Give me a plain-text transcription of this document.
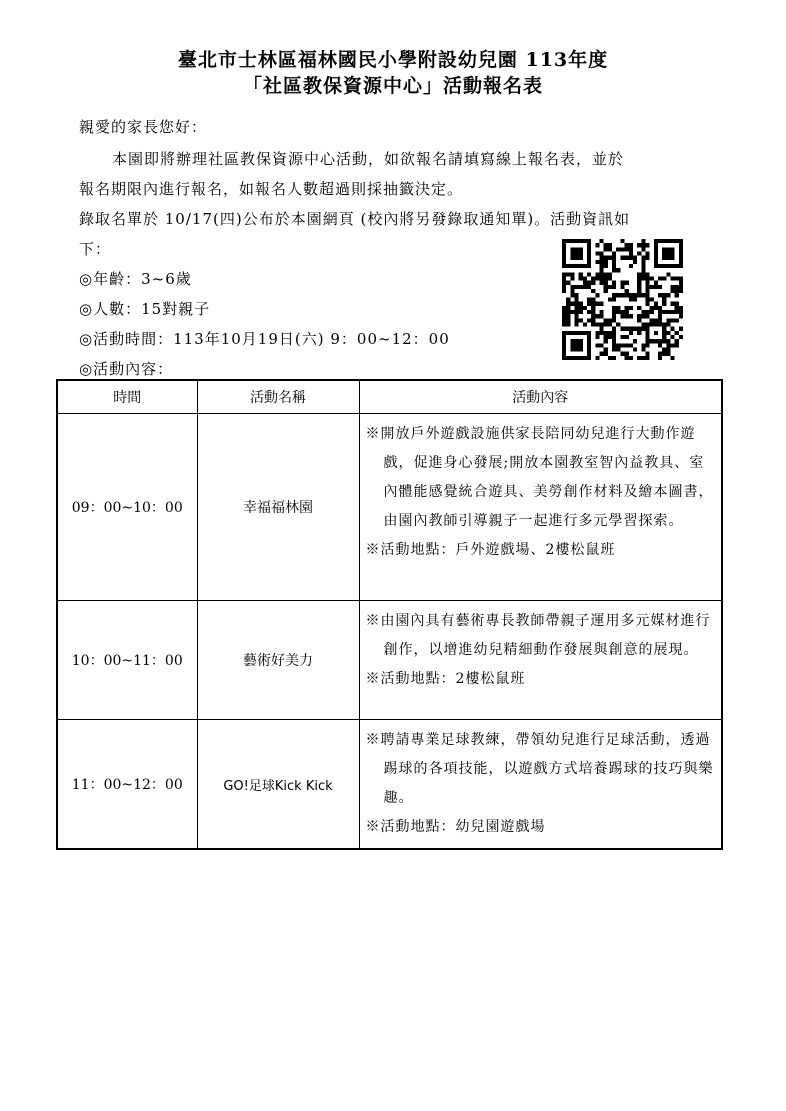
臺北市士林區福林國民小學附設幼兒園 113年度
「社區教保資源中心」活動報名表
親愛的家長您好：
本園即將辦理社區教保資源中心活動，如欲報名請填寫線上報名表，並於
報名期限內進行報名，如報名人數超過則採抽籤決定。
錄取名單於 10/17(四)公布於本園網頁 (校內將另發錄取通知單)。活動資訊如
下：
◎年齡：3~6歲
◎人數：15對親子
◎活動時間：113年10月19日(六) 9：00~12：00
◎活動內容：
時間	活動名稱	活動內容
09：00~10：00	幸福福林園	※開放戶外遊戲設施供家長陪同幼兒進行大動作遊戲，促進身心發展;開放本園教室智內益教具、室內體能感覺統合遊具、美勞創作材料及繪本圖書，由園內教師引導親子一起進行多元學習探索。
※活動地點：戶外遊戲場、2樓松鼠班

10：00~11：00	藝術好美力	※由園內具有藝術專長教師帶親子運用多元媒材進行創作，以增進幼兒精細動作發展與創意的展現。
※活動地點：2樓松鼠班

11：00~12：00	GO!足球Kick Kick	※聘請專業足球教練，帶領幼兒進行足球活動，透過踢球的各項技能，以遊戲方式培養踢球的技巧與樂趣。
※活動地點：幼兒園遊戲場
